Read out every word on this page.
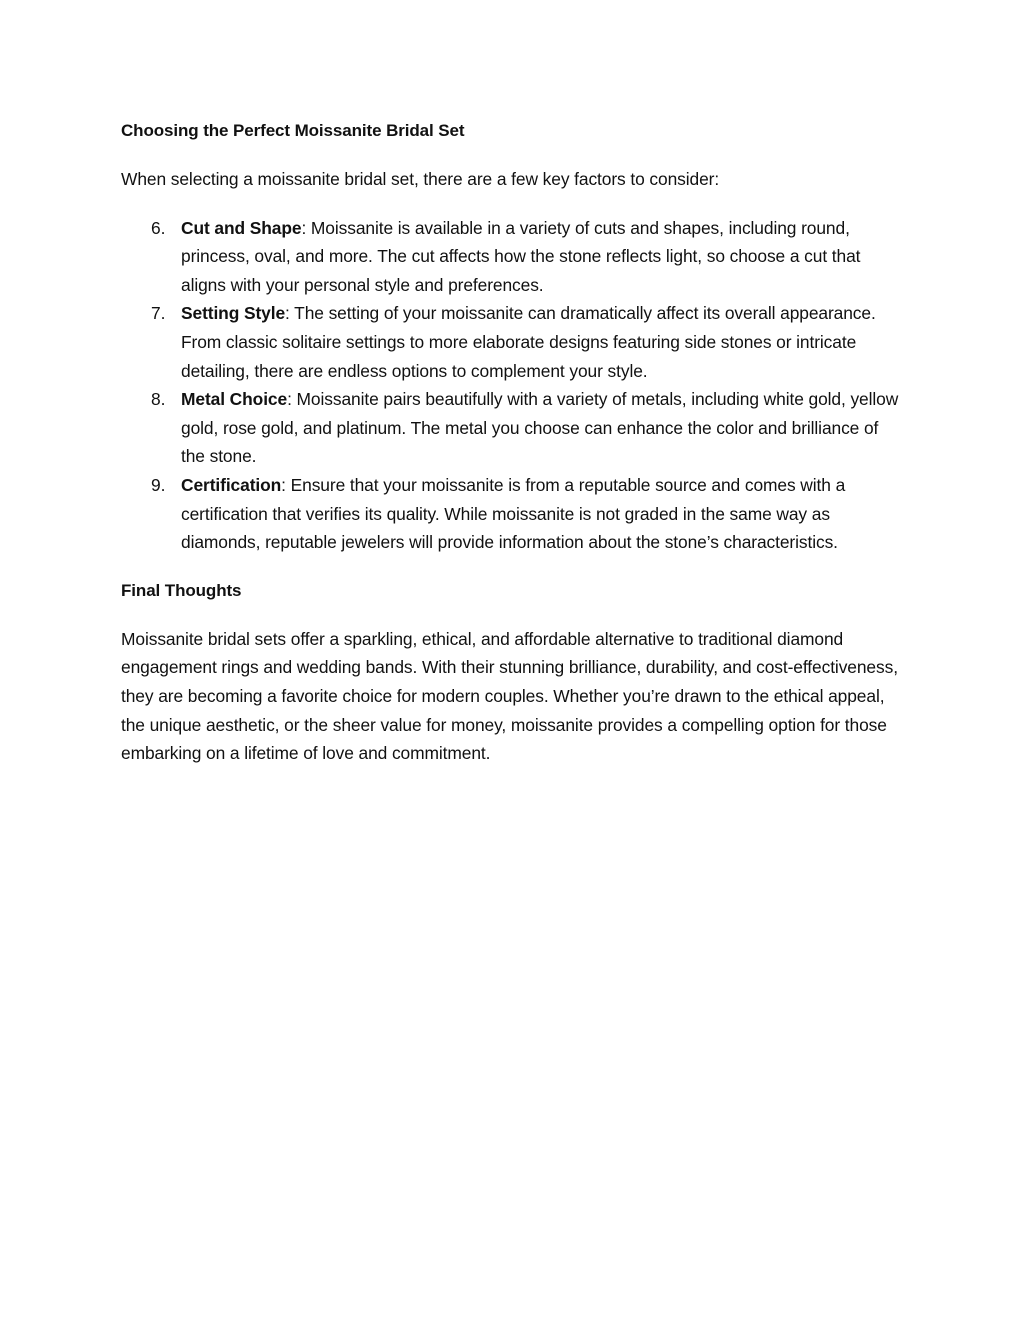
Choosing the Perfect Moissanite Bridal Set

When selecting a moissanite bridal set, there are a few key factors to consider:

6. Cut and Shape: Moissanite is available in a variety of cuts and shapes, including round, princess, oval, and more. The cut affects how the stone reflects light, so choose a cut that aligns with your personal style and preferences.
7. Setting Style: The setting of your moissanite can dramatically affect its overall appearance. From classic solitaire settings to more elaborate designs featuring side stones or intricate detailing, there are endless options to complement your style.
8. Metal Choice: Moissanite pairs beautifully with a variety of metals, including white gold, yellow gold, rose gold, and platinum. The metal you choose can enhance the color and brilliance of the stone.
9. Certification: Ensure that your moissanite is from a reputable source and comes with a certification that verifies its quality. While moissanite is not graded in the same way as diamonds, reputable jewelers will provide information about the stone’s characteristics.
Final Thoughts

Moissanite bridal sets offer a sparkling, ethical, and affordable alternative to traditional diamond engagement rings and wedding bands. With their stunning brilliance, durability, and cost-effectiveness, they are becoming a favorite choice for modern couples. Whether you’re drawn to the ethical appeal, the unique aesthetic, or the sheer value for money, moissanite provides a compelling option for those embarking on a lifetime of love and commitment.
